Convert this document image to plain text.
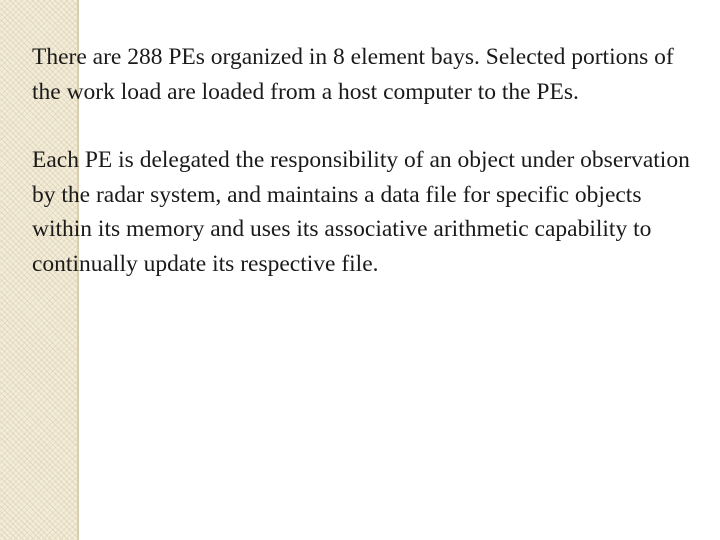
There are 288 PEs organized in 8 element bays. Selected portions of the work load are loaded from a host computer to the PEs.

Each PE is delegated the responsibility of an object under observation by the radar system, and maintains a data file for specific objects within its memory and uses its associative arithmetic capability to continually update its respective file.
